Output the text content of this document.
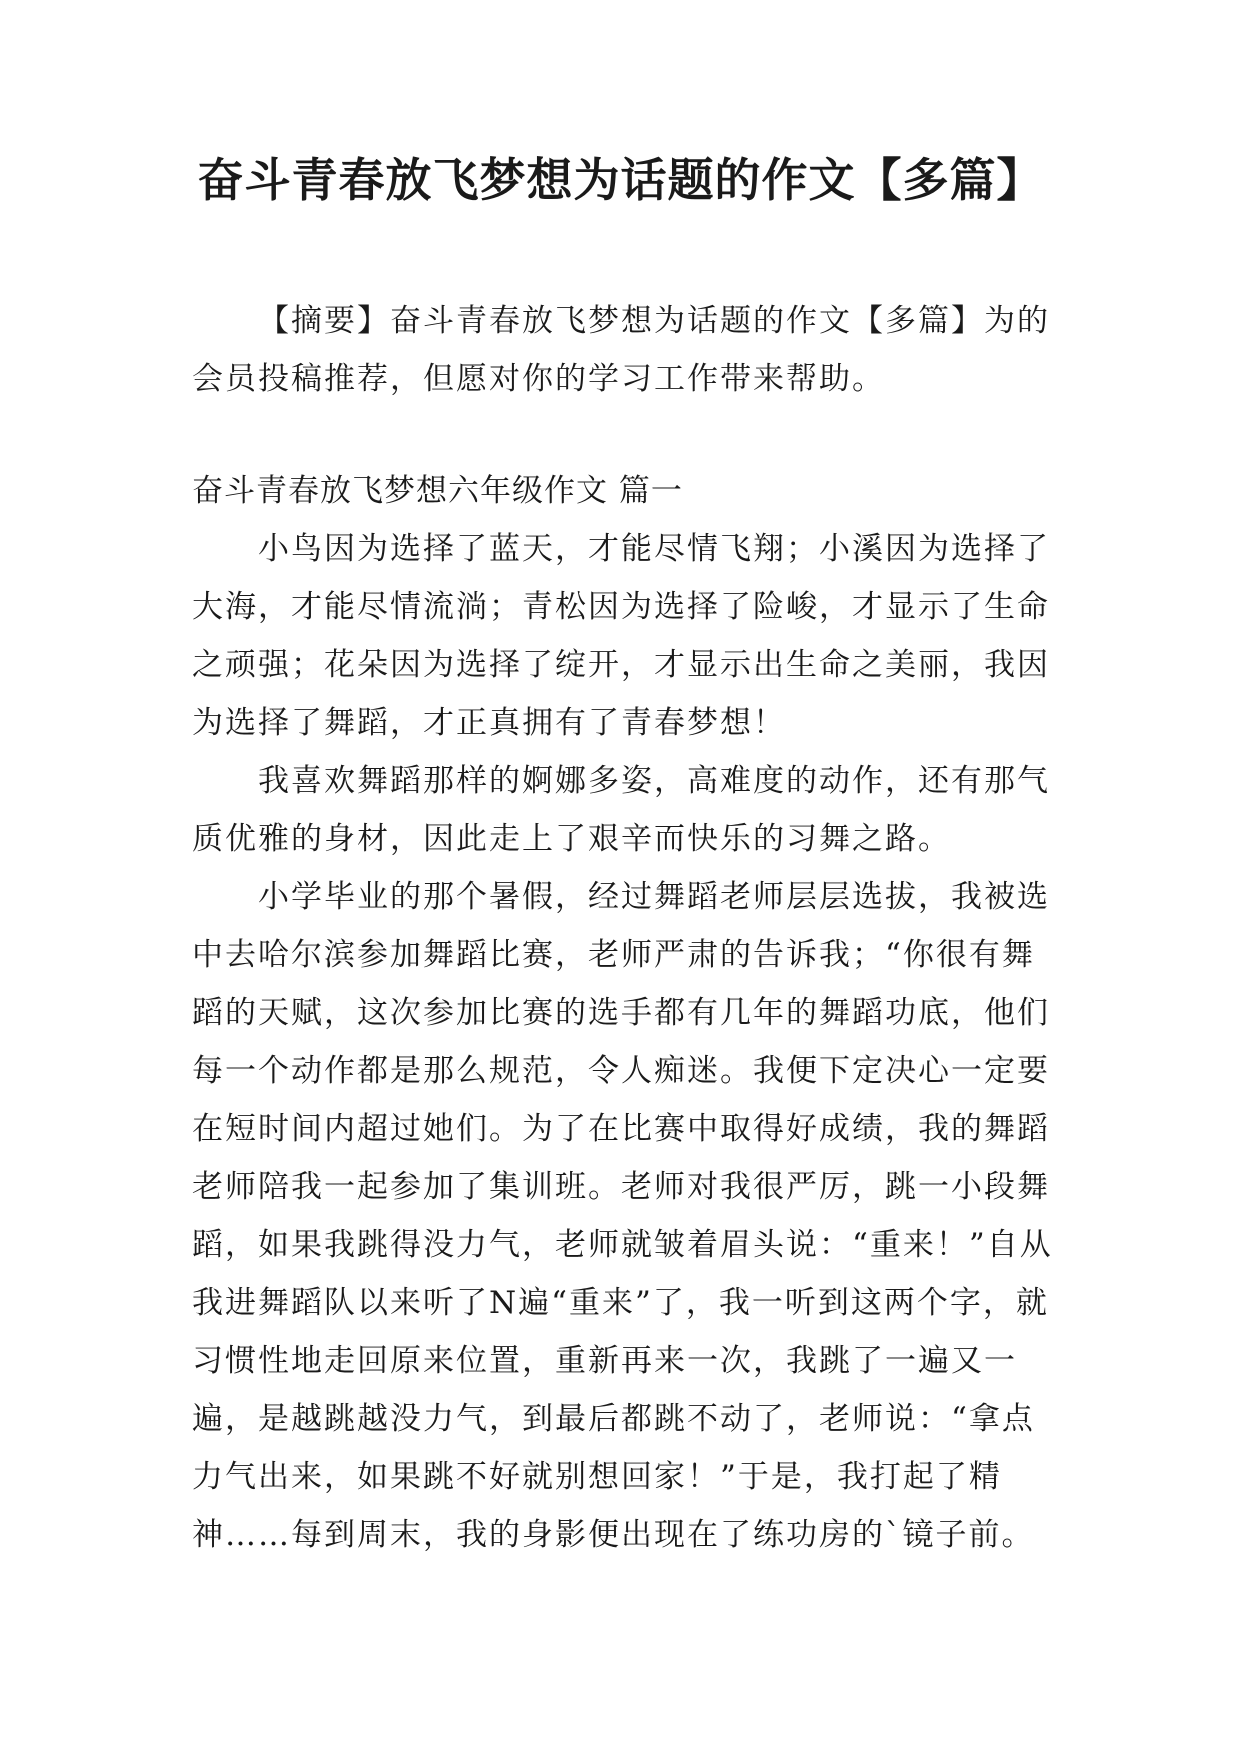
奋斗青春放飞梦想为话题的作文【多篇】

【摘要】奋斗青春放飞梦想为话题的作文【多篇】为的会员投稿推荐，但愿对你的学习工作带来帮助。

奋斗青春放飞梦想六年级作文 篇一

小鸟因为选择了蓝天，才能尽情飞翔；小溪因为选择了大海，才能尽情流淌；青松因为选择了险峻，才显示了生命之顽强；花朵因为选择了绽开，才显示出生命之美丽，我因为选择了舞蹈，才正真拥有了青春梦想！

我喜欢舞蹈那样的婀娜多姿，高难度的动作，还有那气质优雅的身材，因此走上了艰辛而快乐的习舞之路。

小学毕业的那个暑假，经过舞蹈老师层层选拔，我被选中去哈尔滨参加舞蹈比赛，老师严肃的告诉我；“你很有舞蹈的天赋，这次参加比赛的选手都有几年的舞蹈功底，他们每一个动作都是那么规范，令人痴迷。我便下定决心一定要在短时间内超过她们。为了在比赛中取得好成绩，我的舞蹈老师陪我一起参加了集训班。老师对我很严厉，跳一小段舞蹈，如果我跳得没力气，老师就皱着眉头说：“重来！”自从我进舞蹈队以来听了N遍“重来”了，我一听到这两个字，就习惯性地走回原来位置，重新再来一次，我跳了一遍又一遍，是越跳越没力气，到最后都跳不动了，老师说：“拿点力气出来，如果跳不好就别想回家！”于是，我打起了精神……每到周末，我的身影便出现在了练功房的`镜子前。
